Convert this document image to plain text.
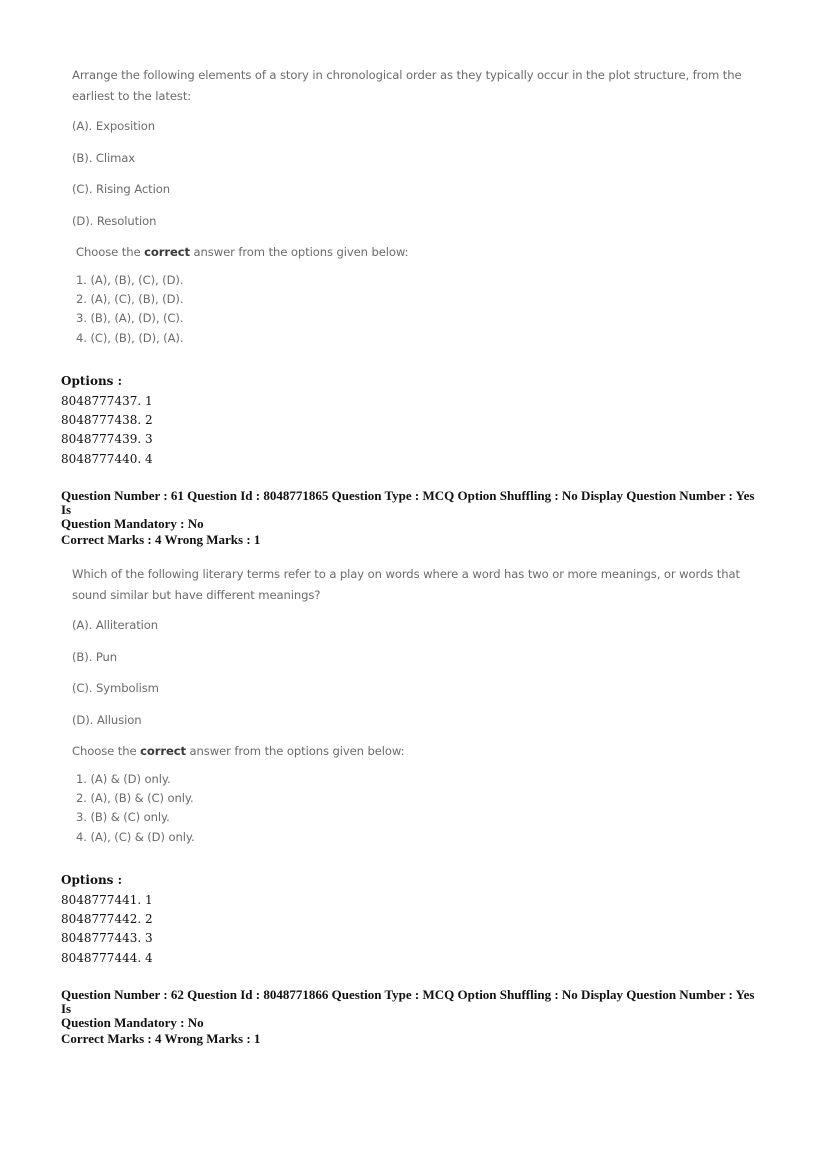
Arrange the following elements of a story in chronological order as they typically occur in the plot structure, from the earliest to the latest:
(A). Exposition
(B). Climax
(C). Rising Action
(D). Resolution
Choose the correct answer from the options given below:
1. (A), (B), (C), (D).
2. (A), (C), (B), (D).
3. (B), (A), (D), (C).
4. (C), (B), (D), (A).
Options :
8048777437. 1
8048777438. 2
8048777439. 3
8048777440. 4
Question Number : 61 Question Id : 8048771865 Question Type : MCQ Option Shuffling : No Display Question Number : Yes Is
Question Mandatory : No
Correct Marks : 4 Wrong Marks : 1
Which of the following literary terms refer to a play on words where a word has two or more meanings, or words that sound similar but have different meanings?
(A). Alliteration
(B). Pun
(C). Symbolism
(D). Allusion
Choose the correct answer from the options given below:
1. (A) & (D) only.
2. (A), (B) & (C) only.
3. (B) & (C) only.
4. (A), (C) & (D) only.
Options :
8048777441. 1
8048777442. 2
8048777443. 3
8048777444. 4
Question Number : 62 Question Id : 8048771866 Question Type : MCQ Option Shuffling : No Display Question Number : Yes Is
Question Mandatory : No
Correct Marks : 4 Wrong Marks : 1
